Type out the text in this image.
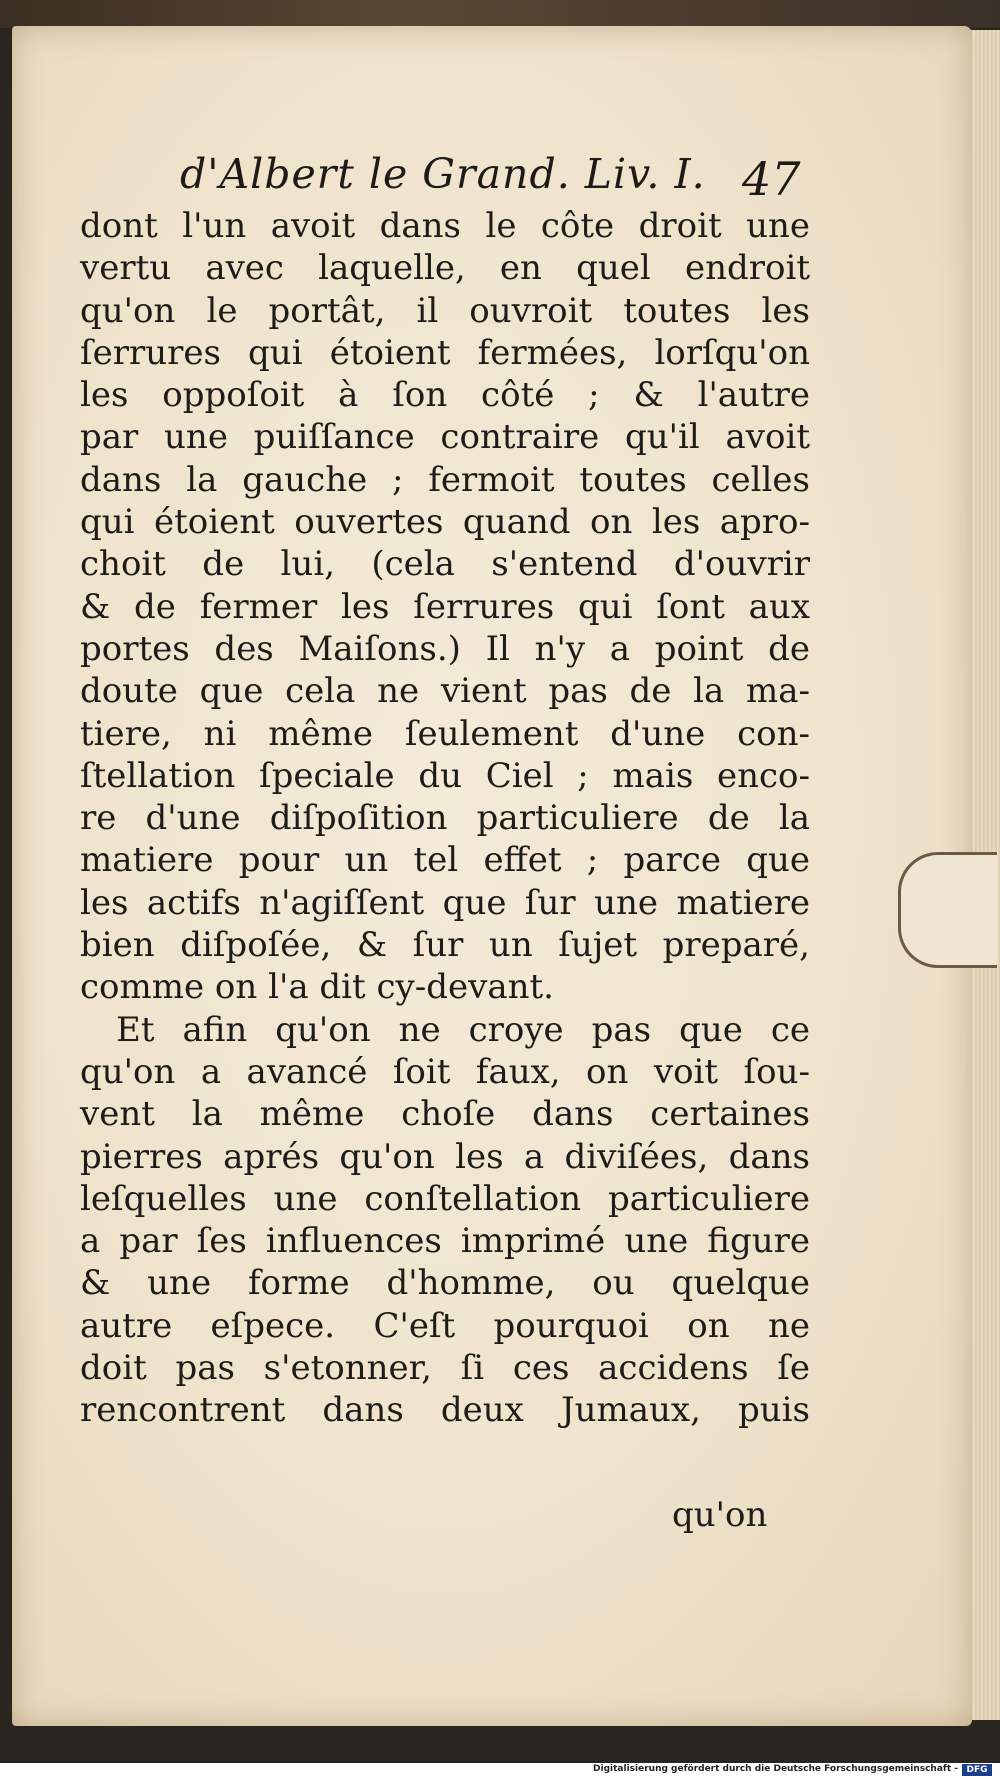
d'Albert le Grand. Liv. I. 47
dont l'un avoit dans le côte droit une
vertu avec laquelle, en quel endroit
qu'on le portât, il ouvroit toutes les
ſerrures qui étoient fermées, lorſqu'on
les oppoſoit à ſon côté ; & l'autre
par une puiſſance contraire qu'il avoit
dans la gauche ; fermoit toutes celles
qui étoient ouvertes quand on les apro-
choit de lui, (cela s'entend d'ouvrir
& de fermer les ſerrures qui ſont aux
portes des Maiſons.) Il n'y a point de
doute que cela ne vient pas de la ma-
tiere, ni même ſeulement d'une con-
ſtellation ſpeciale du Ciel ; mais enco-
re d'une diſpoſition particuliere de la
matiere pour un tel effet ; parce que
les actifs n'agiſſent que ſur une matiere
bien diſpoſée, & ſur un ſujet preparé,
comme on l'a dit cy-devant.
Et afin qu'on ne croye pas que ce
qu'on a avancé ſoit faux, on voit ſou-
vent la même choſe dans certaines
pierres aprés qu'on les a diviſées, dans
leſquelles une conſtellation particuliere
a par ſes influences imprimé une figure
& une forme d'homme, ou quelque
autre eſpece. C'eſt pourquoi on ne
doit pas s'etonner, ſi ces accidens ſe
rencontrent dans deux Jumaux, puis
qu'on
Digitalisierung gefördert durch die Deutsche Forschungsgemeinschaft - DFG
